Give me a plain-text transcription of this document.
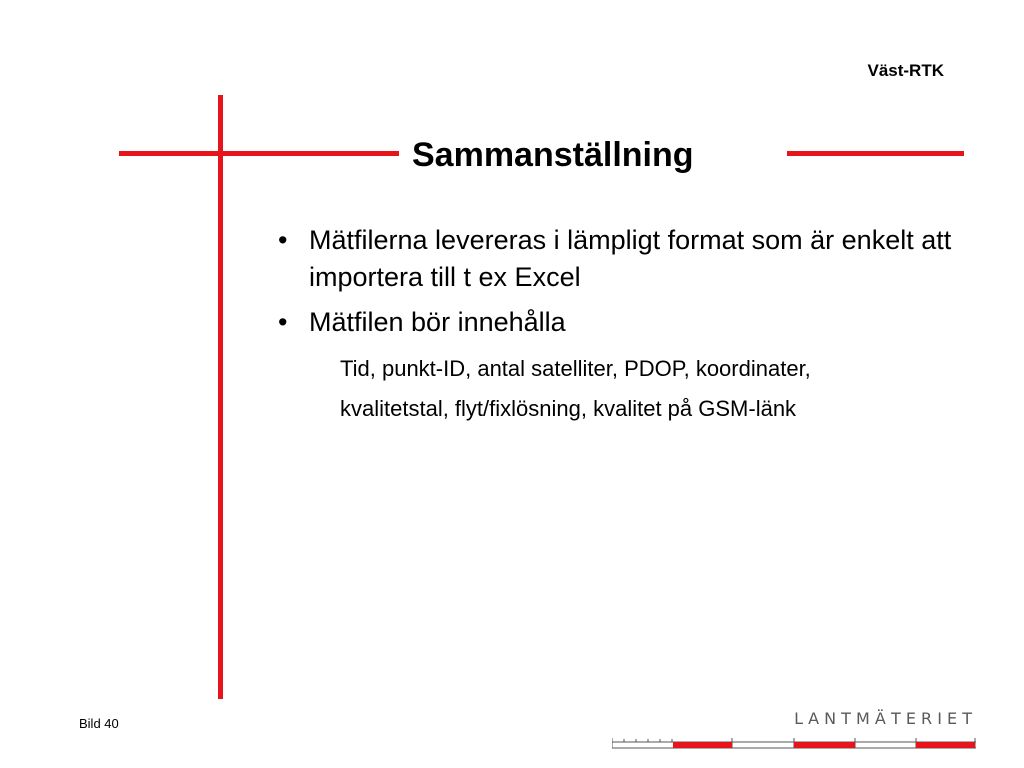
Väst-RTK
Sammanställning
• Mätfilerna levereras i lämpligt format som är enkelt att importera till t ex Excel
• Mätfilen bör innehålla
Tid, punkt-ID, antal satelliter, PDOP, koordinater,
kvalitetstal, flyt/fixlösning, kvalitet på GSM-länk
Bild 40	L A N T M Ä T E R I E T
